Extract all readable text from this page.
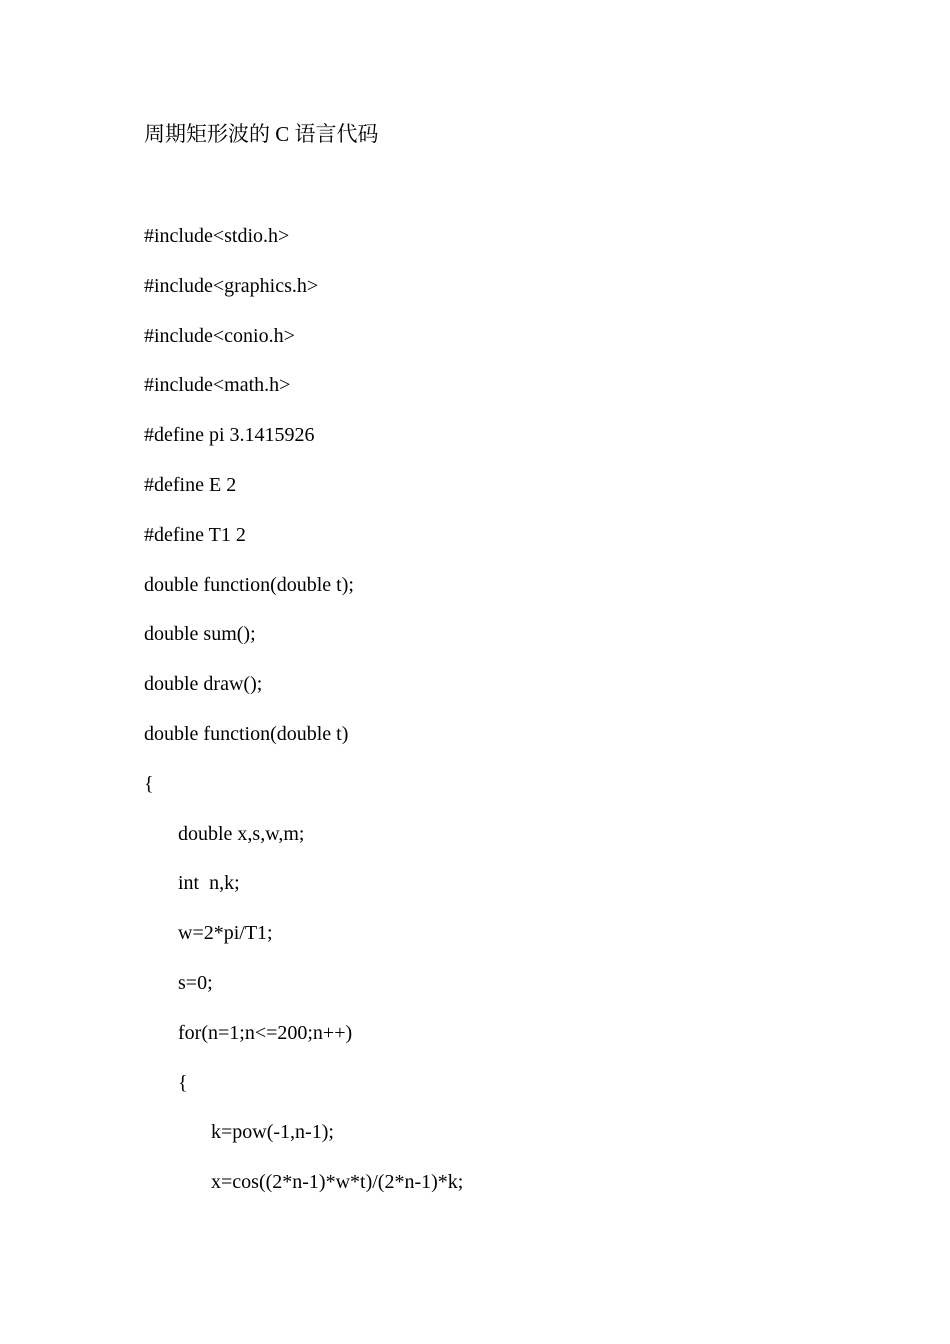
周期矩形波的 C 语言代码
#include<stdio.h>
#include<graphics.h>
#include<conio.h>
#include<math.h>
#define pi 3.1415926
#define E 2
#define T1 2
double function(double t);
double sum();
double draw();
double function(double t)
{
double x,s,w,m;
int  n,k;
w=2*pi/T1;
s=0;
for(n=1;n<=200;n++)
{
k=pow(-1,n-1);
x=cos((2*n-1)*w*t)/(2*n-1)*k;
